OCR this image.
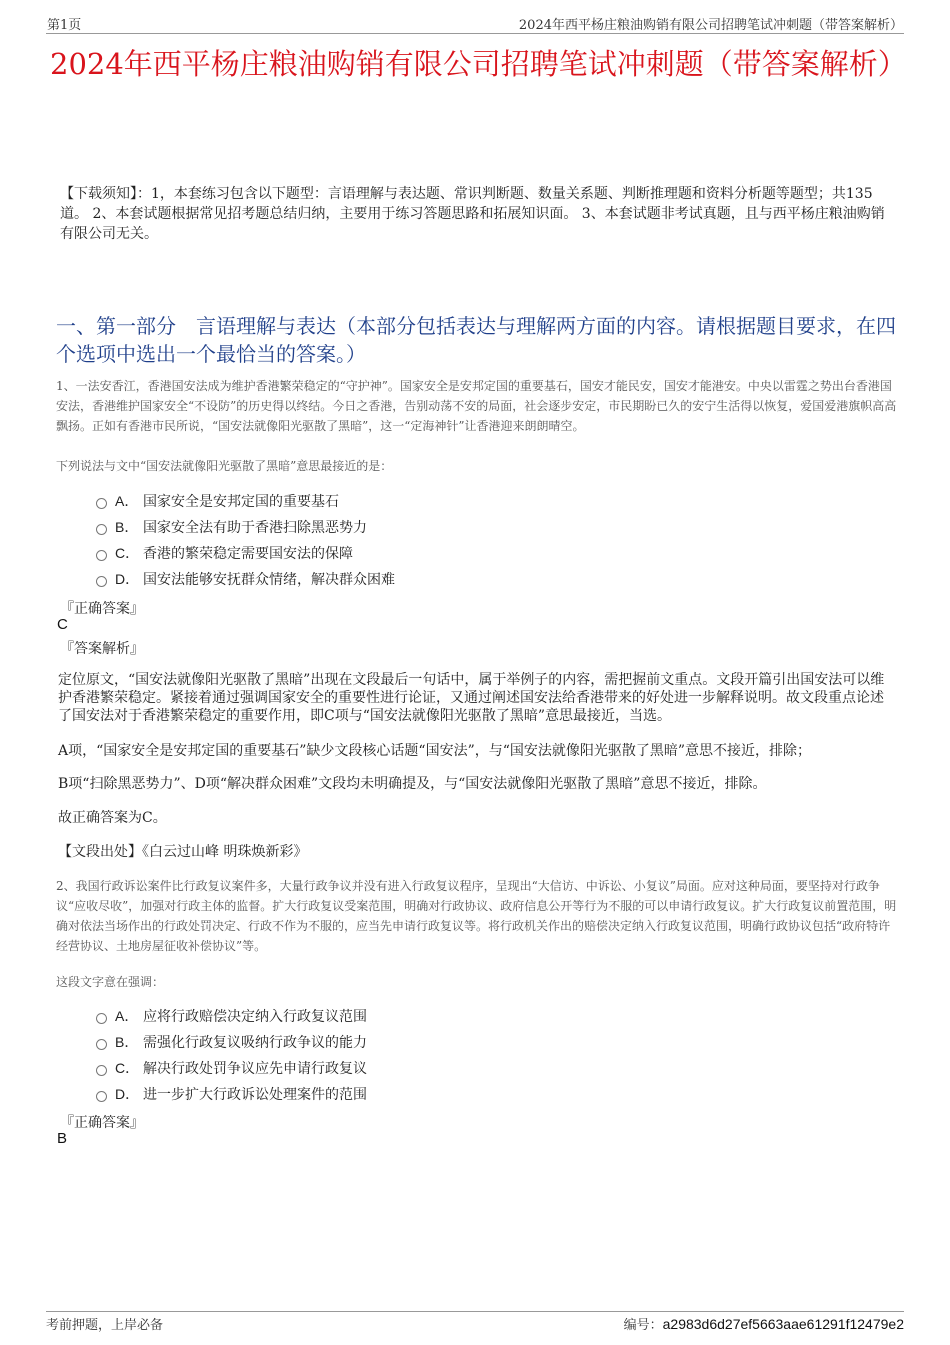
第1页	2024年西平杨庄粮油购销有限公司招聘笔试冲刺题（带答案解析）
2024年西平杨庄粮油购销有限公司招聘笔试冲刺题（带答案解析）
【下载须知】：1，本套练习包含以下题型：言语理解与表达题、常识判断题、数量关系题、判断推理题和资料分析题等题型；共135道。 2、本套试题根据常见招考题总结归纳，主要用于练习答题思路和拓展知识面。 3、本套试题非考试真题，且与西平杨庄粮油购销有限公司无关。
一、第一部分　言语理解与表达（本部分包括表达与理解两方面的内容。请根据题目要求，在四个选项中选出一个最恰当的答案。）
1、一法安香江，香港国安法成为维护香港繁荣稳定的“守护神”。国家安全是安邦定国的重要基石，国安才能民安，国安才能港安。中央以雷霆之势出台香港国安法，香港维护国家安全“不设防”的历史得以终结。今日之香港，告别动荡不安的局面，社会逐步安定，市民期盼已久的安宁生活得以恢复，爱国爱港旗帜高高飘扬。正如有香港市民所说，“国安法就像阳光驱散了黑暗”，这一“定海神针”让香港迎来朗朗晴空。
下列说法与文中“国安法就像阳光驱散了黑暗”意思最接近的是：
A． 国家安全是安邦定国的重要基石
B． 国家安全法有助于香港扫除黑恶势力
C． 香港的繁荣稳定需要国安法的保障
D． 国安法能够安抚群众情绪，解决群众困难
『正确答案』
C
『答案解析』
定位原文，“国安法就像阳光驱散了黑暗”出现在文段最后一句话中，属于举例子的内容，需把握前文重点。文段开篇引出国安法可以维护香港繁荣稳定。紧接着通过强调国家安全的重要性进行论证，又通过阐述国安法给香港带来的好处进一步解释说明。故文段重点论述了国安法对于香港繁荣稳定的重要作用，即C项与“国安法就像阳光驱散了黑暗”意思最接近，当选。
A项，“国家安全是安邦定国的重要基石”缺少文段核心话题“国安法”，与“国安法就像阳光驱散了黑暗”意思不接近，排除；
B项“扫除黑恶势力”、D项“解决群众困难”文段均未明确提及，与“国安法就像阳光驱散了黑暗”意思不接近，排除。
故正确答案为C。
【文段出处】《白云过山峰 明珠焕新彩》
2、我国行政诉讼案件比行政复议案件多，大量行政争议并没有进入行政复议程序，呈现出“大信访、中诉讼、小复议”局面。应对这种局面，要坚持对行政争议“应收尽收”，加强对行政主体的监督。扩大行政复议受案范围，明确对行政协议、政府信息公开等行为不服的可以申请行政复议。扩大行政复议前置范围，明确对依法当场作出的行政处罚决定、行政不作为不服的，应当先申请行政复议等。将行政机关作出的赔偿决定纳入行政复议范围，明确行政协议包括“政府特许经营协议、土地房屋征收补偿协议”等。
这段文字意在强调：
A． 应将行政赔偿决定纳入行政复议范围
B． 需强化行政复议吸纳行政争议的能力
C． 解决行政处罚争议应先申请行政复议
D． 进一步扩大行政诉讼处理案件的范围
『正确答案』
B
考前押题，上岸必备	编号：a2983d6d27ef5663aae61291f12479e2
